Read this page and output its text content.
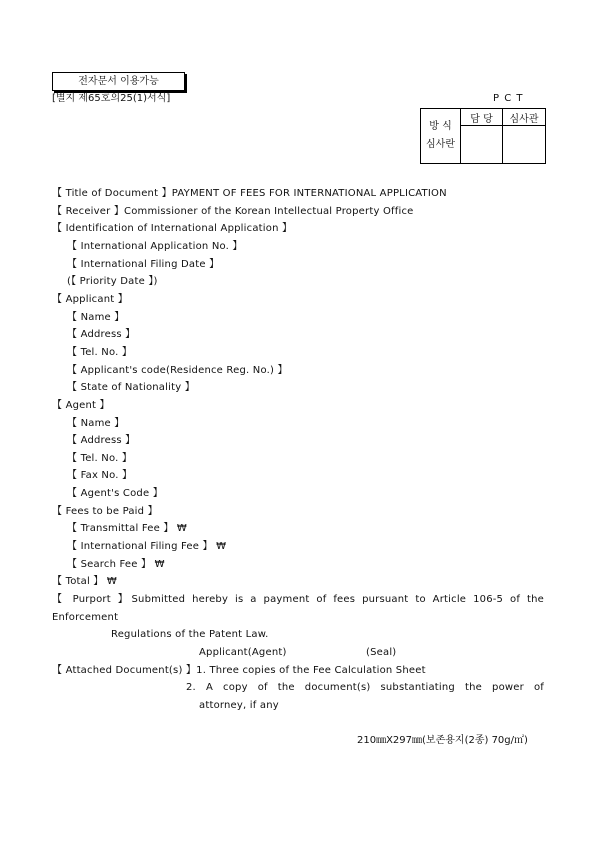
전자문서 이용가능
[별지 제65호의25(1)서식]	P C T
방 식
심사란	담 당	심사관

【 Title of Document 】PAYMENT OF FEES FOR INTERNATIONAL APPLICATION
【 Receiver 】Commissioner of the Korean Intellectual Property Office
【 Identification of International Application 】
【 International Application No. 】
【 International Filing Date 】
(【 Priority Date 】)
【 Applicant 】
【 Name 】
【 Address 】
【 Tel. No. 】
【 Applicant's code(Residence Reg. No.) 】
【 State of Nationality 】
【 Agent 】
【 Name 】
【 Address 】
【 Tel. No. 】
【 Fax No. 】
【 Agent's Code 】
【 Fees to be Paid 】
【 Transmittal Fee 】 ₩
【 International Filing Fee 】 ₩
【 Search Fee 】 ₩
【 Total 】 ₩
【 Purport 】Submitted hereby is a payment of fees pursuant to Article 106-5 of the
Enforcement
Regulations of the Patent Law.
Applicant(Agent)	(Seal)
【 Attached Document(s) 】1. Three copies of the Fee Calculation Sheet
2. A copy of the document(s) substantiating the power of
attorney, if any
210㎜X297㎜(보존용지(2종) 70g/㎡)
